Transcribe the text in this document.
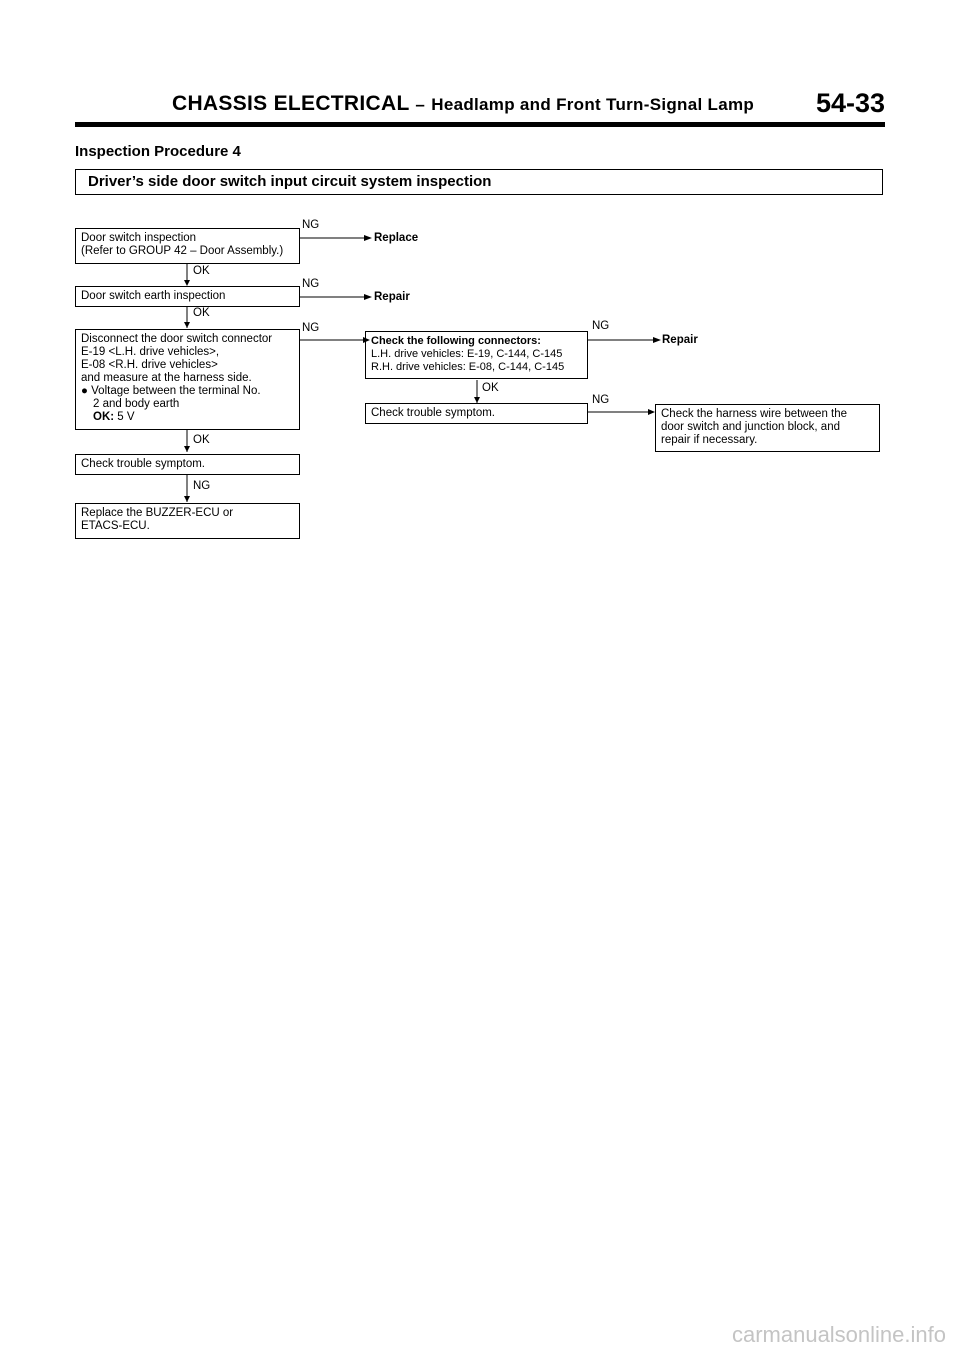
CHASSIS ELECTRICAL – Headlamp and Front Turn-Signal Lamp 54-33
Inspection Procedure 4
Driver’s side door switch input circuit system inspection
Door switch inspection
(Refer to GROUP 42 – Door Assembly.)
NG
Replace
OK
Door switch earth inspection
NG
Repair
OK
Disconnect the door switch connector
E-19 <L.H. drive vehicles>,
E-08 <R.H. drive vehicles>
and measure at the harness side.
● Voltage between the terminal No.
2 and body earth
OK: 5 V
NG
OK
Check trouble symptom.
NG
Replace the BUZZER-ECU or
ETACS-ECU.
Check the following connectors:
L.H. drive vehicles: E-19, C-144, C-145
R.H. drive vehicles: E-08, C-144, C-145
NG
Repair
OK
Check trouble symptom.
NG
Check the harness wire between the
door switch and junction block, and
repair if necessary.
carmanualsonline.info
